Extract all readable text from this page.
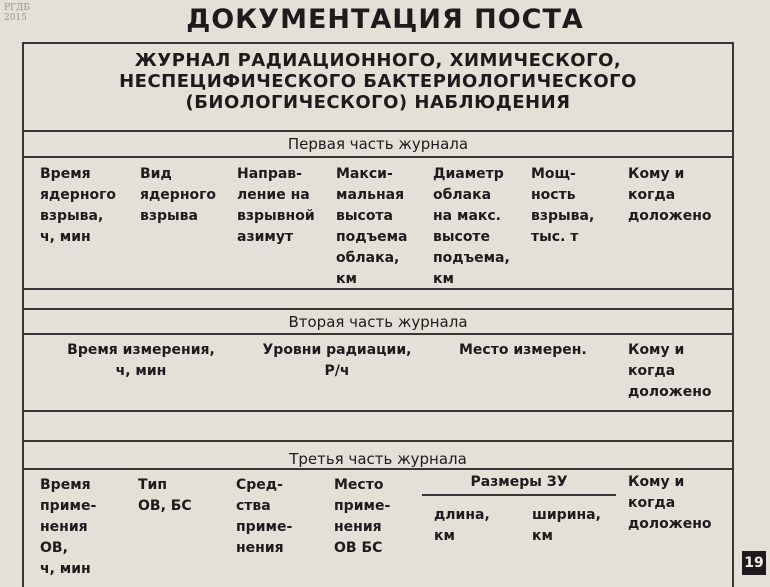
РГДБ
2015	ДОКУМЕНТАЦИЯ ПОСТА
ЖУРНАЛ РАДИАЦИОННОГО, ХИМИЧЕСКОГО,
НЕСПЕЦИФИЧЕСКОГО БАКТЕРИОЛОГИЧЕСКОГО
(БИОЛОГИЧЕСКОГО) НАБЛЮДЕНИЯ
Первая часть журнала
Время
ядерного
взрыва,
ч, мин
Вид
ядерного
взрыва
Направ-
ление на
взрывной
азимут
Макси-
мальная
высота
подъема
облака,
км
Диаметр
облака
на макс.
высоте
подъема,
км
Мощ-
ность
взрыва,
тыс. т
Кому и
когда
доложено
Вторая часть журнала
Время измерения,
ч, мин
Уровни радиации,
Р/ч
Место измерен.	Кому и
когда
доложено
Третья часть журнала
Время
приме-
нения
ОВ,
ч, мин
Тип
ОВ, БС
Сред-
ства
приме-
нения
Место
приме-
нения
ОВ БС
Размеры ЗУ
длина,
км
ширина,
км
Кому и
когда
доложено
19
